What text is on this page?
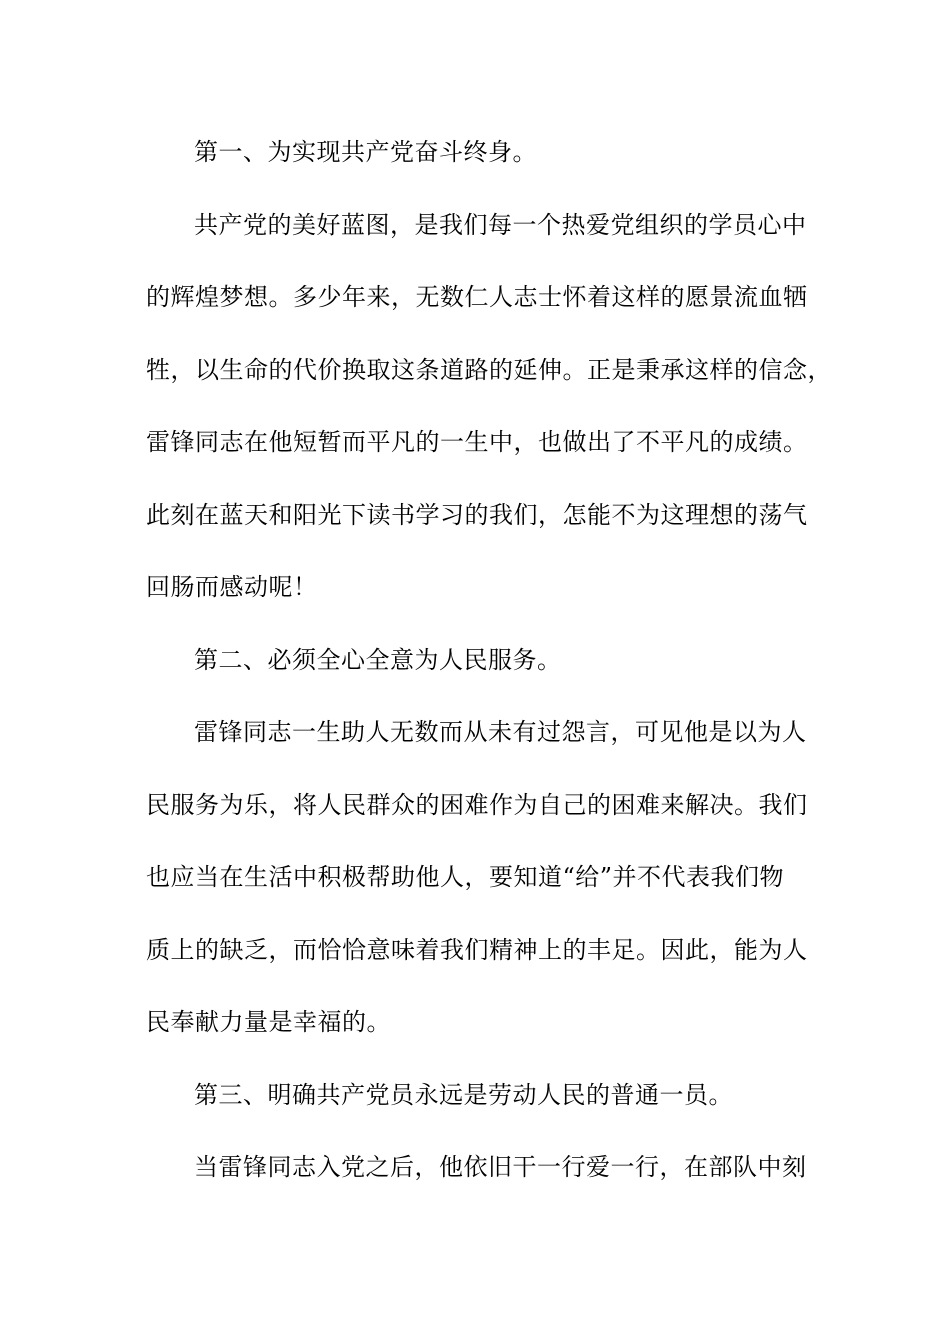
第一、为实现共产党奋斗终身。
共产党的美好蓝图，是我们每一个热爱党组织的学员心中
的辉煌梦想。多少年来，无数仁人志士怀着这样的愿景流血牺
牲，以生命的代价换取这条道路的延伸。正是秉承这样的信念，
雷锋同志在他短暂而平凡的一生中，也做出了不平凡的成绩。
此刻在蓝天和阳光下读书学习的我们，怎能不为这理想的荡气
回肠而感动呢！
第二、必须全心全意为人民服务。
雷锋同志一生助人无数而从未有过怨言，可见他是以为人
民服务为乐，将人民群众的困难作为自己的困难来解决。我们
也应当在生活中积极帮助他人，要知道“给”并不代表我们物
质上的缺乏，而恰恰意味着我们精神上的丰足。因此，能为人
民奉献力量是幸福的。
第三、明确共产党员永远是劳动人民的普通一员。
当雷锋同志入党之后，他依旧干一行爱一行，在部队中刻
